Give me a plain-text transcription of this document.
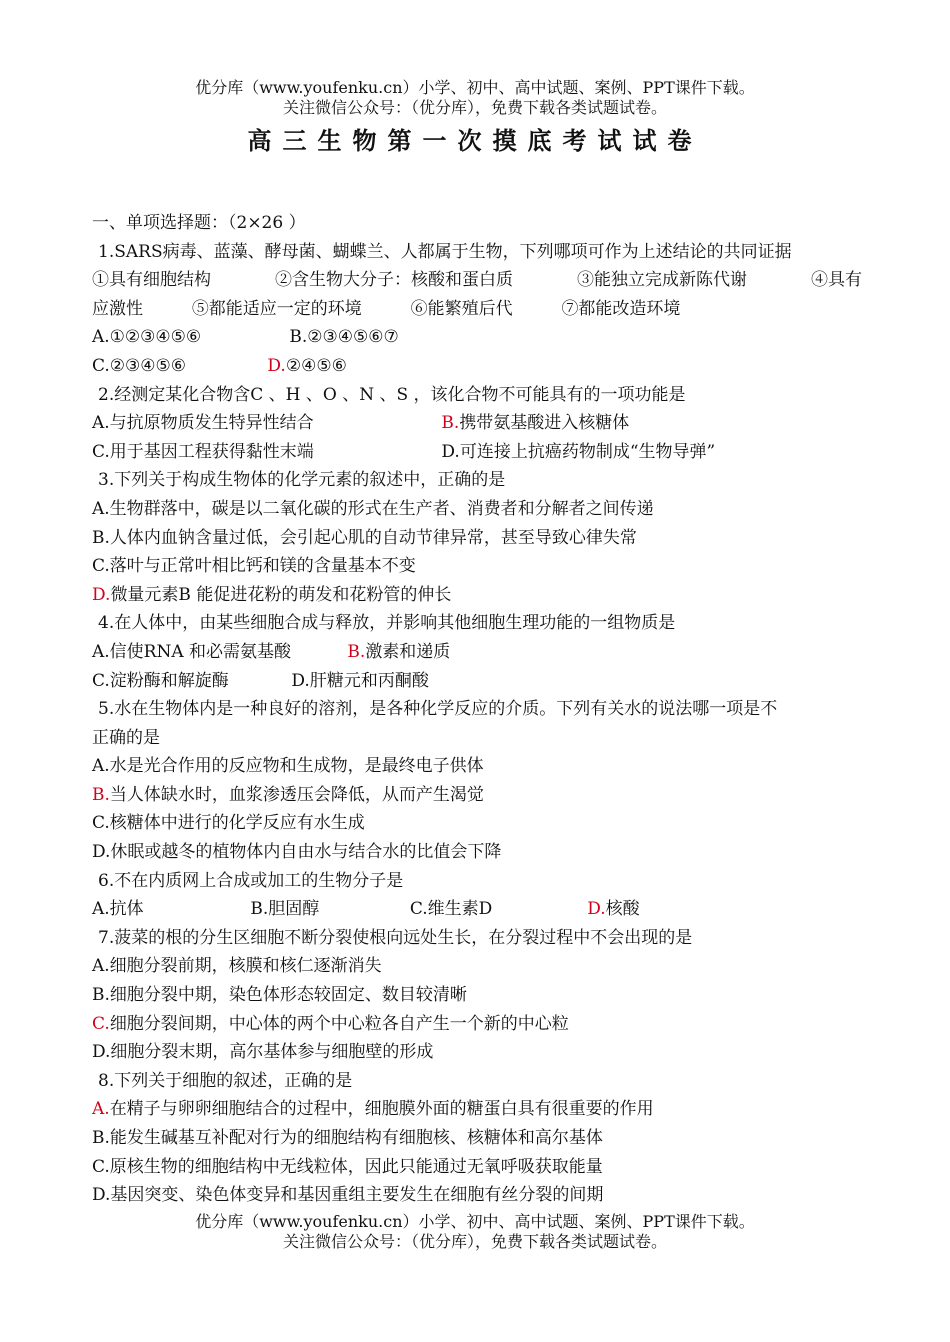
优分库（www.youfenku.cn）小学、初中、高中试题、案例、PPT课件下载。
关注微信公众号：（优分库），免费下载各类试题试卷。
高三生物第一次摸底考试试卷
一、单项选择题：（2×26 ）
1.SARS病毒、蓝藻、酵母菌、蝴蝶兰、人都属于生物，下列哪项可作为上述结论的共同证据
①具有细胞结构	②含生物大分子：核酸和蛋白质	③能独立完成新陈代谢	④具有
应激性	⑤都能适应一定的环境	⑥能繁殖后代	⑦都能改造环境
A.①②③④⑤⑥	B.②③④⑤⑥⑦
C.②③④⑤⑥	D.②④⑤⑥
2.经测定某化合物含C 、H 、O 、N 、S ，该化合物不可能具有的一项功能是
A.与抗原物质发生特异性结合	B.携带氨基酸进入核糖体
C.用于基因工程获得黏性末端	D.可连接上抗癌药物制成“生物导弹”
3.下列关于构成生物体的化学元素的叙述中，正确的是
A.生物群落中，碳是以二氧化碳的形式在生产者、消费者和分解者之间传递
B.人体内血钠含量过低，会引起心肌的自动节律异常，甚至导致心律失常
C.落叶与正常叶相比钙和镁的含量基本不变
D.微量元素B 能促进花粉的萌发和花粉管的伸长
4.在人体中，由某些细胞合成与释放，并影响其他细胞生理功能的一组物质是
A.信使RNA 和必需氨基酸	B.激素和递质
C.淀粉酶和解旋酶	D.肝糖元和丙酮酸
5.水在生物体内是一种良好的溶剂，是各种化学反应的介质。下列有关水的说法哪一项是不
正确的是
A.水是光合作用的反应物和生成物，是最终电子供体
B.当人体缺水时，血浆渗透压会降低，从而产生渴觉
C.核糖体中进行的化学反应有水生成
D.休眠或越冬的植物体内自由水与结合水的比值会下降
6.不在内质网上合成或加工的生物分子是
A.抗体	B.胆固醇	C.维生素D	D.核酸
7.菠菜的根的分生区细胞不断分裂使根向远处生长，在分裂过程中不会出现的是
A.细胞分裂前期，核膜和核仁逐渐消失
B.细胞分裂中期，染色体形态较固定、数目较清晰
C.细胞分裂间期，中心体的两个中心粒各自产生一个新的中心粒
D.细胞分裂末期，高尔基体参与细胞壁的形成
8.下列关于细胞的叙述，正确的是
A.在精子与卵卵细胞结合的过程中，细胞膜外面的糖蛋白具有很重要的作用
B.能发生碱基互补配对行为的细胞结构有细胞核、核糖体和高尔基体
C.原核生物的细胞结构中无线粒体，因此只能通过无氧呼吸获取能量
D.基因突变、染色体变异和基因重组主要发生在细胞有丝分裂的间期
优分库（www.youfenku.cn）小学、初中、高中试题、案例、PPT课件下载。
关注微信公众号：（优分库），免费下载各类试题试卷。
